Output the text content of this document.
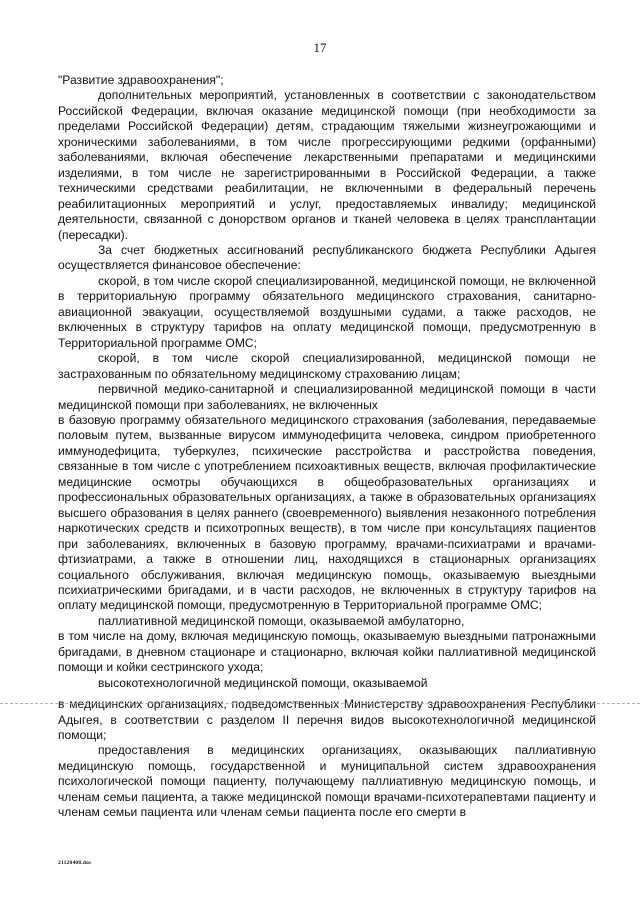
17

"Развитие здравоохранения";

дополнительных мероприятий, установленных в соответствии с законодательством Российской Федерации, включая оказание медицинской помощи (при необходимости за пределами Российской Федерации) детям, страдающим тяжелыми жизнеугрожающими и хроническими заболеваниями, в том числе прогрессирующими редкими (орфанными) заболеваниями, включая обеспечение лекарственными препаратами и медицинскими изделиями, в том числе не зарегистрированными в Российской Федерации, а также техническими средствами реабилитации, не включенными в федеральный перечень реабилитационных мероприятий и услуг, предоставляемых инвалиду; медицинской деятельности, связанной с донорством органов и тканей человека в целях трансплантации (пересадки).

За счет бюджетных ассигнований республиканского бюджета Республики Адыгея осуществляется финансовое обеспечение:

скорой, в том числе скорой специализированной, медицинской помощи, не включенной в территориальную программу обязательного медицинского страхования, санитарно-авиационной эвакуации, осуществляемой воздушными судами, а также расходов, не включенных в структуру тарифов на оплату медицинской помощи, предусмотренную в Территориальной программе ОМС;

скорой, в том числе скорой специализированной, медицинской помощи не застрахованным по обязательному медицинскому страхованию лицам;

первичной медико-санитарной и специализированной медицинской помощи в части медицинской помощи при заболеваниях, не включенных

в базовую программу обязательного медицинского страхования (заболевания, передаваемые половым путем, вызванные вирусом иммунодефицита человека, синдром приобретенного иммунодефицита, туберкулез, психические расстройства и расстройства поведения, связанные в том числе с употреблением психоактивных веществ, включая профилактические медицинские осмотры обучающихся в общеобразовательных организациях и профессиональных образовательных организациях, а также в образовательных организациях высшего образования в целях раннего (своевременного) выявления незаконного потребления наркотических средств и психотропных веществ), в том числе при консультациях пациентов при заболеваниях, включенных в базовую программу, врачами-психиатрами и врачами-фтизиатрами, а также в отношении лиц, находящихся в стационарных организациях социального обслуживания, включая медицинскую помощь, оказываемую выездными психиатрическими бригадами, и в части расходов, не включенных в структуру тарифов на оплату медицинской помощи, предусмотренную в Территориальной программе ОМС;

паллиативной медицинской помощи, оказываемой амбулаторно,

в том числе на дому, включая медицинскую помощь, оказываемую выездными патронажными бригадами, в дневном стационаре и стационарно, включая койки паллиативной медицинской помощи и койки сестринского ухода;

высокотехнологичной медицинской помощи, оказываемой

в медицинских организациях, подведомственных Министерству здравоохранения Республики Адыгея, в соответствии с разделом II перечня видов высокотехнологичной медицинской помощи;

предоставления в медицинских организациях, оказывающих паллиативную медицинскую помощь, государственной и муниципальной систем здравоохранения психологической помощи пациенту, получающему паллиативную медицинскую помощь, и членам семьи пациента, а также медицинской помощи врачами-психотерапевтами пациенту и членам семьи пациента или членам семьи пациента после его смерти в

21120408.doc
